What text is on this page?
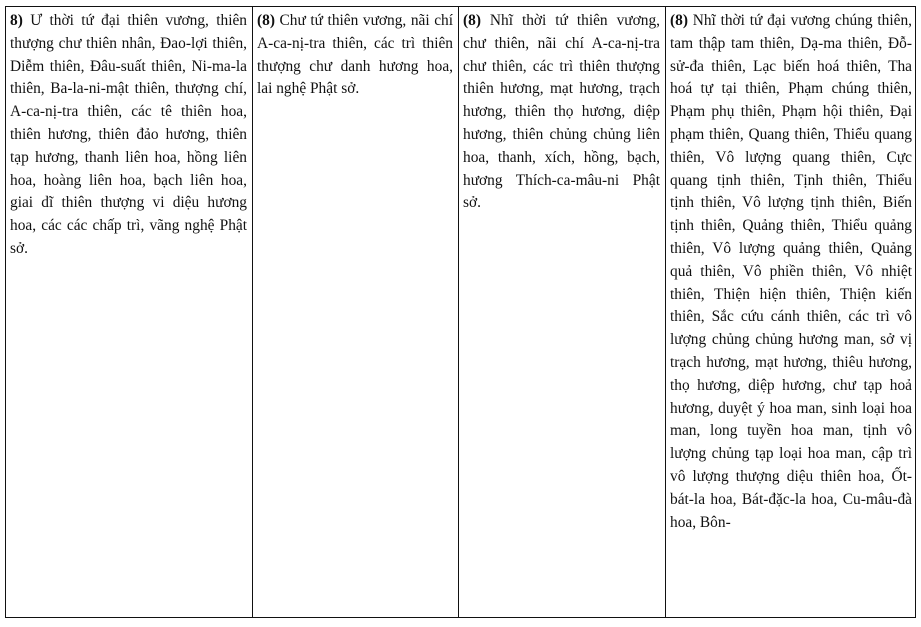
8) Ư thời tứ đại thiên vương, thiên thượng chư thiên nhân, Đao-lợi thiên, Diễm thiên, Đâu-suất thiên, Ni-ma-la thiên, Ba-la-ni-mật thiên, thượng chí, A-ca-nị-tra thiên, các tê thiên hoa, thiên hương, thiên đảo hương, thiên tạp hương, thanh liên hoa, hồng liên hoa, hoàng liên hoa, bạch liên hoa, giai dĩ thiên thượng vi diệu hương hoa, các các chấp trì, vãng nghệ Phật sở.
(8) Chư tứ thiên vương, nãi chí A-ca-nị-tra thiên, các trì thiên thượng chư danh hương hoa, lai nghệ Phật sở.
(8) Nhĩ thời tứ thiên vương, chư thiên, nãi chí A-ca-nị-tra chư thiên, các trì thiên thượng thiên hương, mạt hương, trạch hương, thiên thọ hương, diệp hương, thiên chủng chủng liên hoa, thanh, xích, hồng, bạch, hương Thích-ca-mâu-ni Phật sở.
(8) Nhĩ thời tứ đại vương chúng thiên, tam thập tam thiên, Dạ-ma thiên, Đỗ-sử-đa thiên, Lạc biến hoá thiên, Tha hoá tự tại thiên, Phạm chúng thiên, Phạm phụ thiên, Phạm hội thiên, Đại phạm thiên, Quang thiên, Thiểu quang thiên, Vô lượng quang thiên, Cực quang tịnh thiên, Tịnh thiên, Thiểu tịnh thiên, Vô lượng tịnh thiên, Biến tịnh thiên, Quảng thiên, Thiểu quảng thiên, Vô lượng quảng thiên, Quảng quả thiên, Vô phiền thiên, Vô nhiệt thiên, Thiện hiện thiên, Thiện kiến thiên, Sắc cứu cánh thiên, các trì vô lượng chủng chủng hương man, sở vị trạch hương, mạt hương, thiêu hương, thọ hương, diệp hương, chư tạp hoả hương, duyệt ý hoa man, sinh loại hoa man, long tuyền hoa man, tịnh vô lượng chủng tạp loại hoa man, cập trì vô lượng thượng diệu thiên hoa, Ốt-bát-la hoa, Bát-đặc-la hoa, Cu-mâu-đà hoa, Bôn-
